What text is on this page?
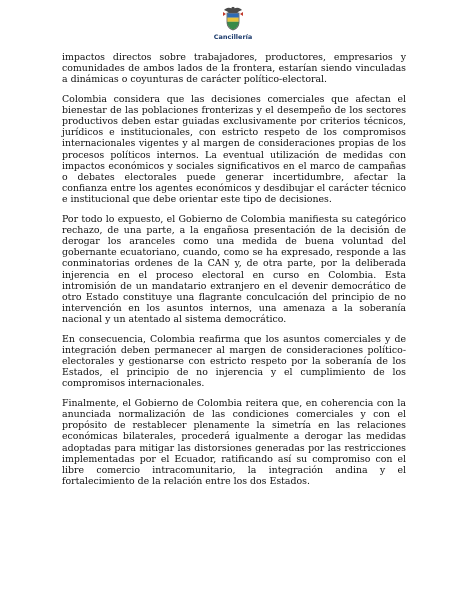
Cancillería

impactos directos sobre trabajadores, productores, empresarios y comunidades de ambos lados de la frontera, estarían siendo vinculadas a dinámicas o coyunturas de carácter político-electoral.

Colombia considera que las decisiones comerciales que afectan el bienestar de las poblaciones fronterizas y el desempeño de los sectores productivos deben estar guiadas exclusivamente por criterios técnicos, jurídicos e institucionales, con estricto respeto de los compromisos internacionales vigentes y al margen de consideraciones propias de los procesos políticos internos. La eventual utilización de medidas con impactos económicos y sociales significativos en el marco de campañas o debates electorales puede generar incertidumbre, afectar la confianza entre los agentes económicos y desdibujar el carácter técnico e institucional que debe orientar este tipo de decisiones.

Por todo lo expuesto, el Gobierno de Colombia manifiesta su categórico rechazo, de una parte, a la engañosa presentación de la decisión de derogar los aranceles como una medida de buena voluntad del gobernante ecuatoriano, cuando, como se ha expresado, responde a las conminatorias ordenes de la CAN y, de otra parte, por la deliberada injerencia en el proceso electoral en curso en Colombia. Esta intromisión de un mandatario extranjero en el devenir democrático de otro Estado constituye una flagrante conculcación del principio de no intervención en los asuntos internos, una amenaza a la soberanía nacional y un atentado al sistema democrático.

En consecuencia, Colombia reafirma que los asuntos comerciales y de integración deben permanecer al margen de consideraciones político-electorales y gestionarse con estricto respeto por la soberanía de los Estados, el principio de no injerencia y el cumplimiento de los compromisos internacionales.

Finalmente, el Gobierno de Colombia reitera que, en coherencia con la anunciada normalización de las condiciones comerciales y con el propósito de restablecer plenamente la simetría en las relaciones económicas bilaterales, procederá igualmente a derogar las medidas adoptadas para mitigar las distorsiones generadas por las restricciones implementadas por el Ecuador, ratificando así su compromiso con el libre comercio intracomunitario, la integración andina y el fortalecimiento de la relación entre los dos Estados.
